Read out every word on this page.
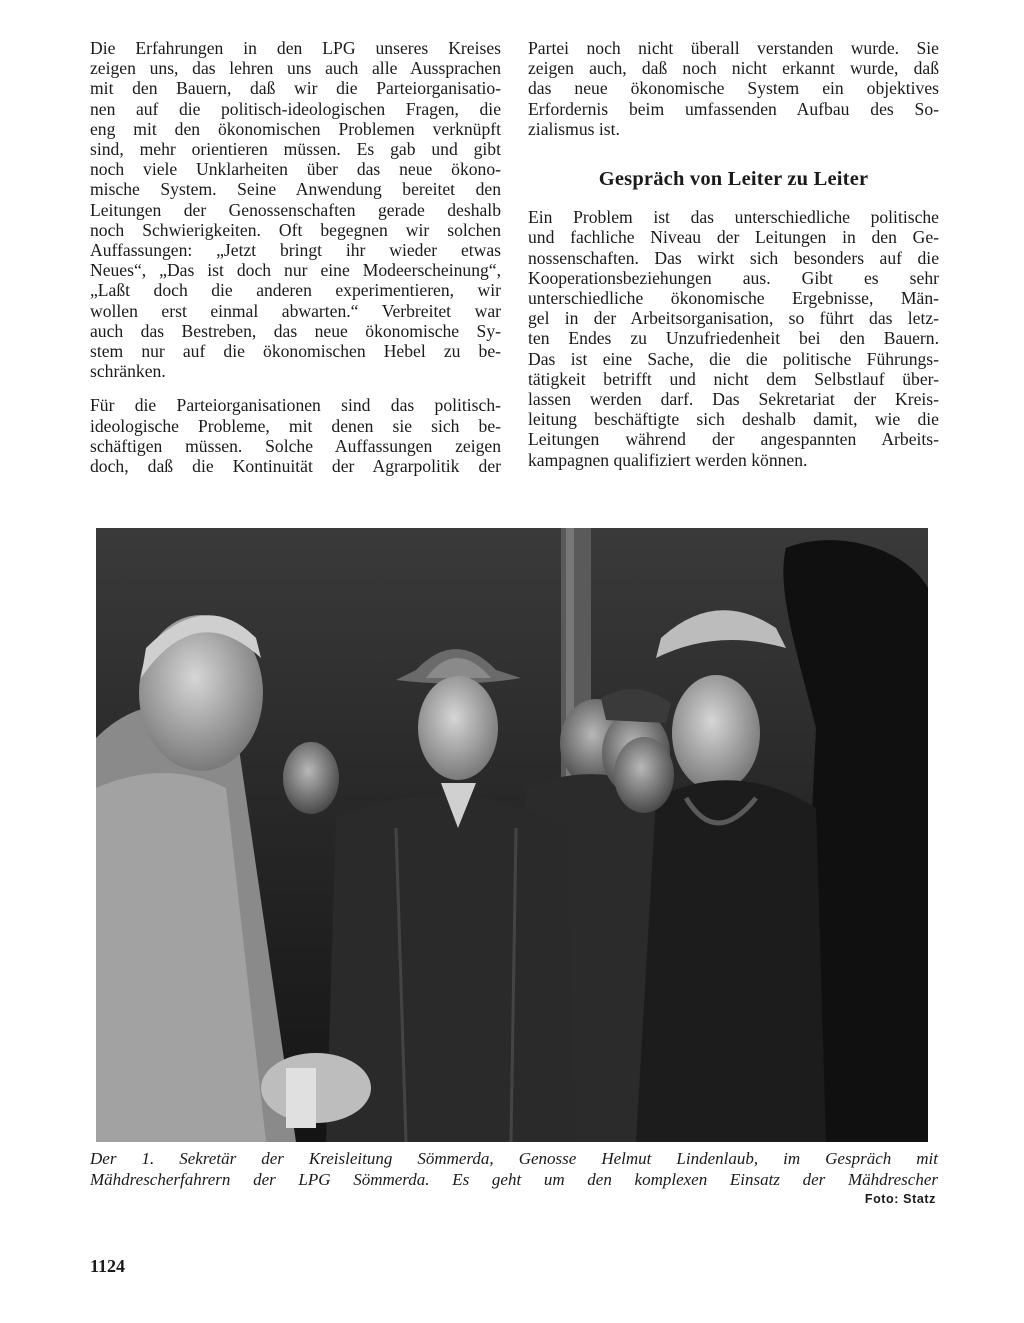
Die Erfahrungen in den LPG unseres Kreises
zeigen uns, das lehren uns auch alle Aussprachen
mit den Bauern, daß wir die Parteiorganisatio-
nen auf die politisch-ideologischen Fragen, die
eng mit den ökonomischen Problemen verknüpft
sind, mehr orientieren müssen. Es gab und gibt
noch viele Unklarheiten über das neue ökono-
mische System. Seine Anwendung bereitet den
Leitungen der Genossenschaften gerade deshalb
noch Schwierigkeiten. Oft begegnen wir solchen
Auffassungen: „Jetzt bringt ihr wieder etwas
Neues“, „Das ist doch nur eine Modeerscheinung“,
„Laßt doch die anderen experimentieren, wir
wollen erst einmal abwarten.“ Verbreitet war
auch das Bestreben, das neue ökonomische Sy-
stem nur auf die ökonomischen Hebel zu be-
schränken.

Für die Parteiorganisationen sind das politisch-
ideologische Probleme, mit denen sie sich be-
schäftigen müssen. Solche Auffassungen zeigen
doch, daß die Kontinuität der Agrarpolitik der

Partei noch nicht überall verstanden wurde. Sie
zeigen auch, daß noch nicht erkannt wurde, daß
das neue ökonomische System ein objektives
Erfordernis beim umfassenden Aufbau des So-
zialismus ist.

Gespräch von Leiter zu Leiter

Ein Problem ist das unterschiedliche politische
und fachliche Niveau der Leitungen in den Ge-
nossenschaften. Das wirkt sich besonders auf die
Kooperationsbeziehungen aus. Gibt es sehr
unterschiedliche ökonomische Ergebnisse, Män-
gel in der Arbeitsorganisation, so führt das letz-
ten Endes zu Unzufriedenheit bei den Bauern.
Das ist eine Sache, die die politische Führungs-
tätigkeit betrifft und nicht dem Selbstlauf über-
lassen werden darf. Das Sekretariat der Kreis-
leitung beschäftigte sich deshalb damit, wie die
Leitungen während der angespannten Arbeits-
kampagnen qualifiziert werden können.

Der 1. Sekretär der Kreisleitung Sömmerda, Genosse Helmut Lindenlaub, im Gespräch mit
Mähdrescherfahrern der LPG Sömmerda. Es geht um den komplexen Einsatz der Mähdrescher
Foto: Statz
1124
